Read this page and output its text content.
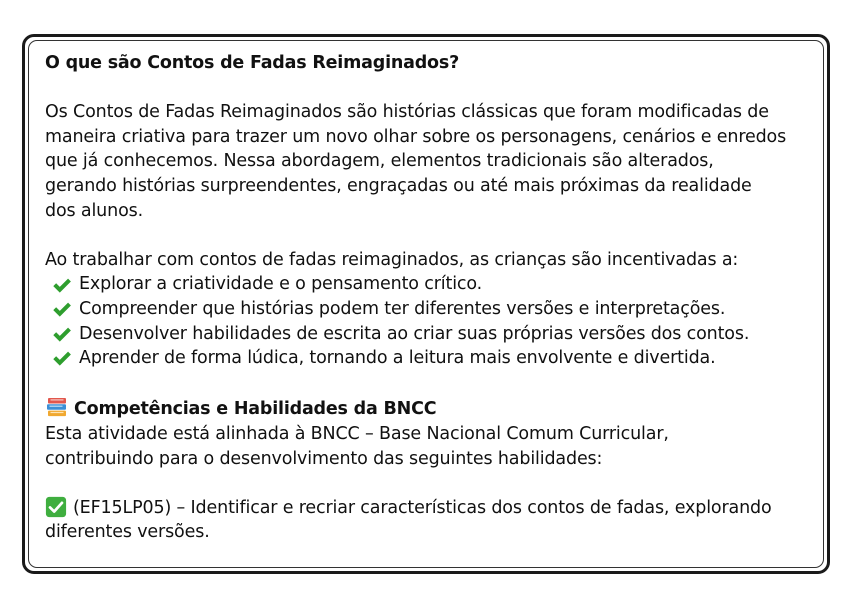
O que são Contos de Fadas Reimaginados?

Os Contos de Fadas Reimaginados são histórias clássicas que foram modificadas de

maneira criativa para trazer um novo olhar sobre os personagens, cenários e enredos

que já conhecemos. Nessa abordagem, elementos tradicionais são alterados,

gerando histórias surpreendentes, engraçadas ou até mais próximas da realidade

dos alunos.

Ao trabalhar com contos de fadas reimaginados, as crianças são incentivadas a:

Explorar a criatividade e o pensamento crítico.
Compreender que histórias podem ter diferentes versões e interpretações.
Desenvolver habilidades de escrita ao criar suas próprias versões dos contos.
Aprender de forma lúdica, tornando a leitura mais envolvente e divertida.

Competências e Habilidades da BNCC

Esta atividade está alinhada à BNCC – Base Nacional Comum Curricular,

contribuindo para o desenvolvimento das seguintes habilidades:

(EF15LP05) – Identificar e recriar características dos contos de fadas, explorando

diferentes versões.
